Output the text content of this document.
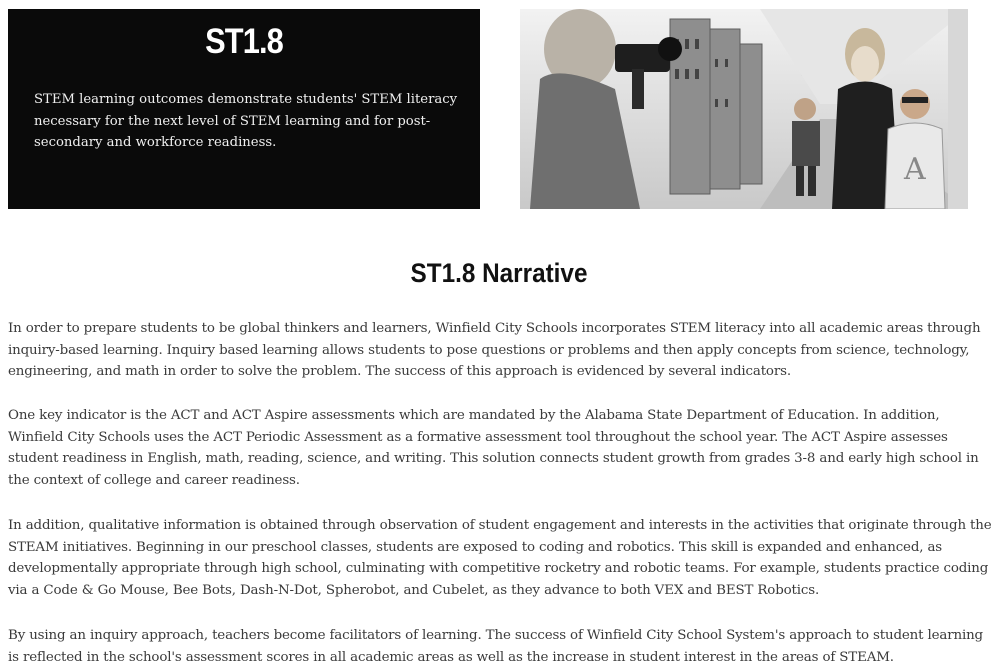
ST1.8
STEM learning outcomes demonstrate students' STEM literacy necessary for the next level of STEM learning and for post-secondary and workforce readiness.
A
ST1.8 Narrative

In order to prepare students to be global thinkers and learners, Winfield City Schools incorporates STEM literacy into all academic areas through inquiry-based learning. Inquiry based learning allows students to pose questions or problems and then apply concepts from science, technology, engineering, and math in order to solve the problem. The success of this approach is evidenced by several indicators.

One key indicator is the ACT and ACT Aspire assessments which are mandated by the Alabama State Department of Education. In addition, Winfield City Schools uses the ACT Periodic Assessment as a formative assessment tool throughout the school year. The ACT Aspire assesses student readiness in English, math, reading, science, and writing. This solution connects student growth from grades 3-8 and early high school in the context of college and career readiness.

In addition, qualitative information is obtained through observation of student engagement and interests in the activities that originate through the STEAM initiatives. Beginning in our preschool classes, students are exposed to coding and robotics. This skill is expanded and enhanced, as developmentally appropriate through high school, culminating with competitive rocketry and robotic teams. For example, students practice coding via a Code & Go Mouse, Bee Bots, Dash-N-Dot, Spherobot, and Cubelet, as they advance to both VEX and BEST Robotics.

By using an inquiry approach, teachers become facilitators of learning. The success of Winfield City School System's approach to student learning is reflected in the school's assessment scores in all academic areas as well as the increase in student interest in the areas of STEAM.
